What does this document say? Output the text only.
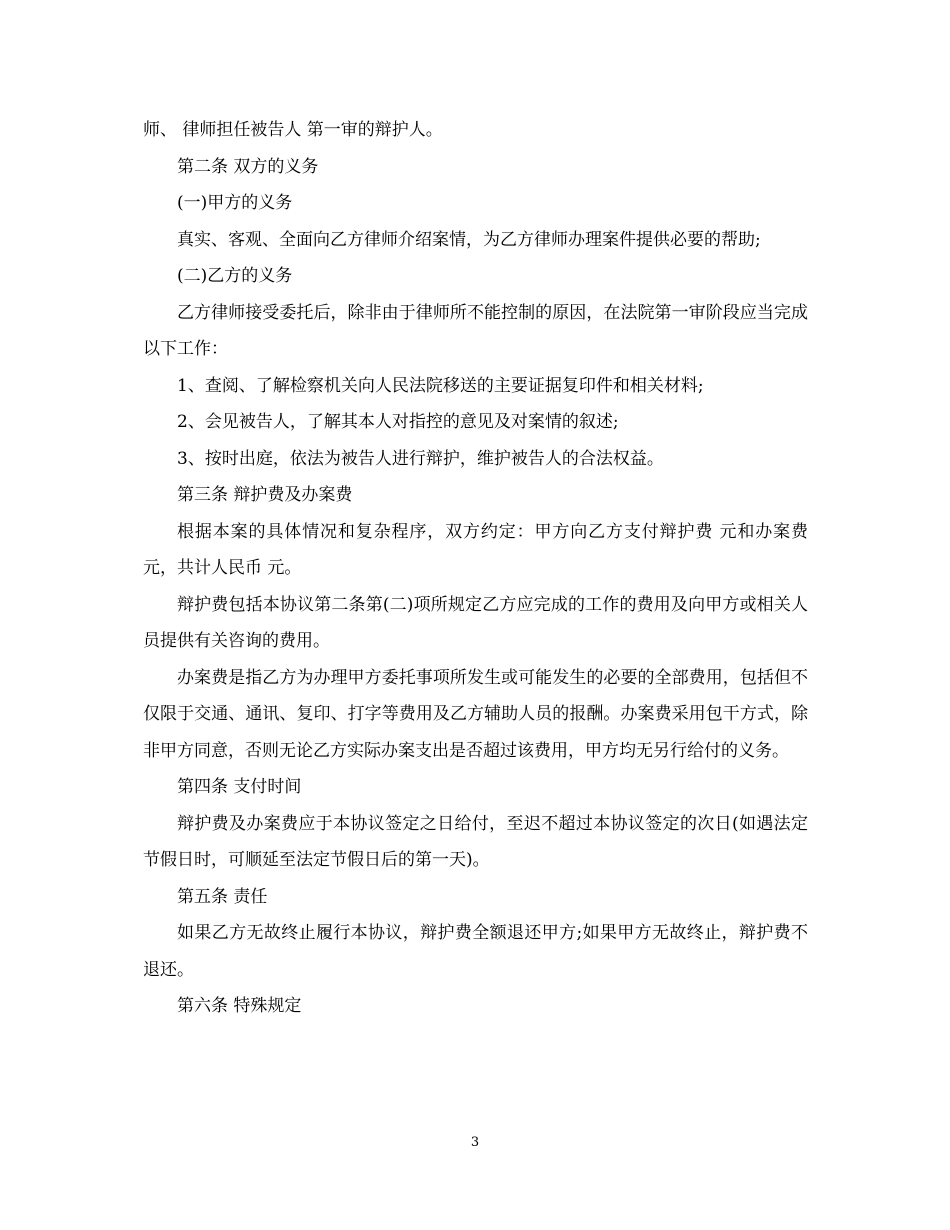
师、 律师担任被告人 第一审的辩护人。

第二条 双方的义务

(一)甲方的义务

真实、客观、全面向乙方律师介绍案情，为乙方律师办理案件提供必要的帮助;

(二)乙方的义务

乙方律师接受委托后，除非由于律师所不能控制的原因，在法院第一审阶段应当完成以下工作：

1、查阅、了解检察机关向人民法院移送的主要证据复印件和相关材料;

2、会见被告人，了解其本人对指控的意见及对案情的叙述;

3、按时出庭，依法为被告人进行辩护，维护被告人的合法权益。

第三条 辩护费及办案费

根据本案的具体情况和复杂程序，双方约定：甲方向乙方支付辩护费 元和办案费 元，共计人民币 元。

辩护费包括本协议第二条第(二)项所规定乙方应完成的工作的费用及向甲方或相关人员提供有关咨询的费用。

办案费是指乙方为办理甲方委托事项所发生或可能发生的必要的全部费用，包括但不仅限于交通、通讯、复印、打字等费用及乙方辅助人员的报酬。办案费采用包干方式，除非甲方同意，否则无论乙方实际办案支出是否超过该费用，甲方均无另行给付的义务。

第四条 支付时间

辩护费及办案费应于本协议签定之日给付，至迟不超过本协议签定的次日(如遇法定节假日时，可顺延至法定节假日后的第一天)。

第五条 责任

如果乙方无故终止履行本协议，辩护费全额退还甲方;如果甲方无故终止，辩护费不退还。

第六条 特殊规定

3
